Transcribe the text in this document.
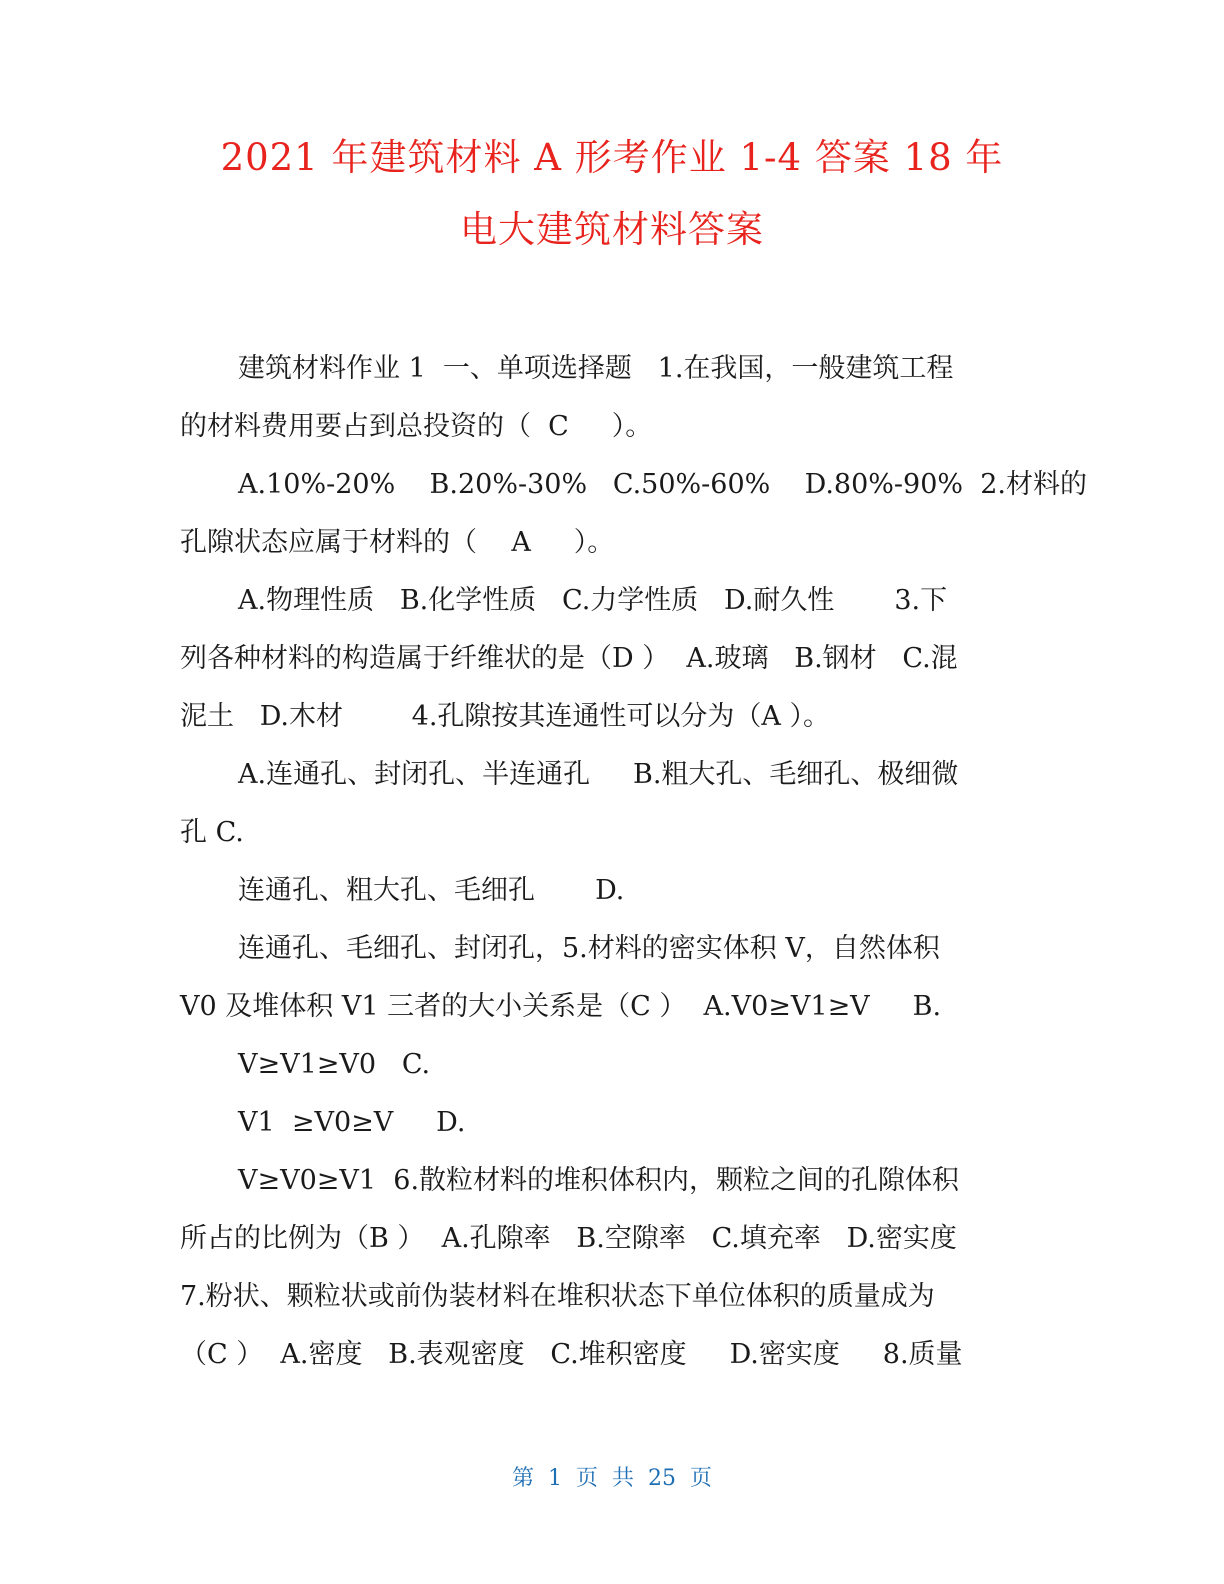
2021 年建筑材料 A 形考作业 1-4 答案 18 年
电大建筑材料答案
建筑材料作业 1  一、单项选择题   1.在我国，一般建筑工程
的材料费用要占到总投资的（  C     ）。
A.10%-20%    B.20%-30%   C.50%-60%    D.80%-90%  2.材料的
孔隙状态应属于材料的（    A     ）。
A.物理性质   B.化学性质   C.力学性质   D.耐久性       3.下
列各种材料的构造属于纤维状的是（D ）  A.玻璃   B.钢材   C.混
泥土   D.木材        4.孔隙按其连通性可以分为（A ）。
A.连通孔、封闭孔、半连通孔     B.粗大孔、毛细孔、极细微
孔 C.
连通孔、粗大孔、毛细孔       D.
连通孔、毛细孔、封闭孔，5.材料的密实体积 V，自然体积
V0 及堆体积 V1 三者的大小关系是（C ）  A.V0≥V1≥V     B.
V≥V1≥V0   C.
V1  ≥V0≥V     D.
V≥V0≥V1  6.散粒材料的堆积体积内，颗粒之间的孔隙体积
所占的比例为（B ）  A.孔隙率   B.空隙率   C.填充率   D.密实度
7.粉状、颗粒状或前伪装材料在堆积状态下单位体积的质量成为
（C ）  A.密度   B.表观密度   C.堆积密度     D.密实度     8.质量
第  1  页  共  25  页
